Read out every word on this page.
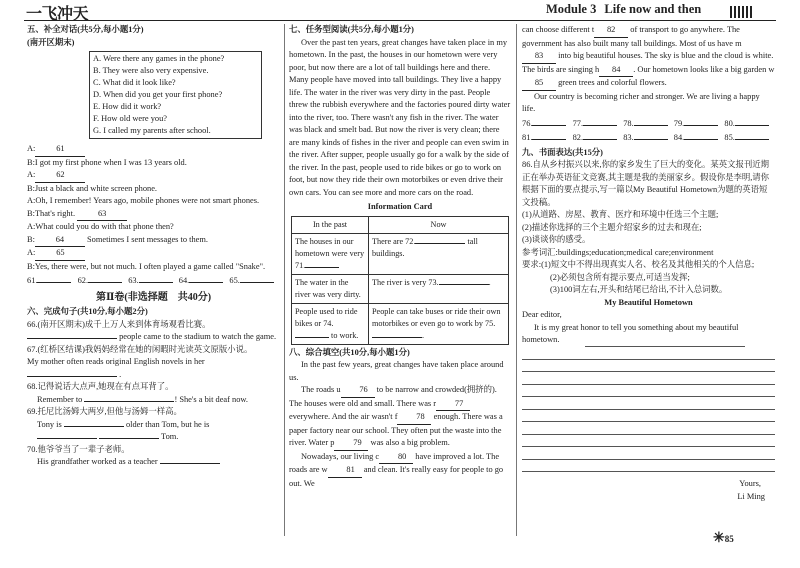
一飞冲天	Module 3 Life now and then
五、补全对话(共5分,每小题1分)
(南开区期末)
A. Were there any games in the phone?
B. They were also very expensive.
C. What did it look like?
D. When did you get your first phone?
E. How did it work?
F. How old were you?
G. I called my parents after school.
A: 61
B:I got my first phone when I was 13 years old.
A: 62
B:Just a black and white screen phone.
A:Oh, I remember! Years ago, mobile phones were not smart phones.
B:That's right.	63
A:What could you do with that phone then?
B: 64	Sometimes I sent messages to them.
A: 65
B:Yes, there were, but not much. I often played a game called "Snake".
61.	62.	63.	64.	65.
第Ⅱ卷(非选择题　共40分)
六、完成句子(共10分,每小题2分)
66.(南开区期末)成千上万人来到体育场观看比赛。
people came to the stadium to watch the game.
67.(红桥区结课)我妈妈经常在她的闲暇时光读英文原版小说。
My mother often reads original English novels in her
.
68.记得说话大点声,她现在有点耳背了。
Remember to	! She's a bit deaf now.
69.托尼比汤姆大两岁,但他与汤姆一样高。
Tony is	older than Tom, but he is
Tom.
70.他爷爷当了一辈子老师。
His grandfather worked as a teacher
七、任务型阅读(共5分,每小题1分)

Over the past ten years, great changes have taken place in my hometown. In the past, the houses in our hometown were very poor, but now there are a lot of tall buildings here and there. Many people have moved into tall buildings. They live a happy life. The water in the river was very dirty in the past. People threw the rubbish everywhere and the factories poured dirty water into the river, too. There wasn't any fish in the river. The water was black and smelt bad. But now the river is very clean; there are many kinds of fishes in the river and people can even swim in the river. After supper, people usually go for a walk by the side of the river. In the past, people used to ride bikes or go to work on foot, but now they ride their own motorbikes or even drive their own cars. You can see more and more cars on the road.

Information Card
In the past	Now
The houses in our hometown were very 71.	There are 72. tall buildings.
The water in the river was very dirty.	The river is very 73. .
People used to ride bikes or 74.  to work.	People can take buses or ride their own motorbikes or even go to work by 75. .
八、综合填空(共10分,每小题1分)

In the past few years, great changes have taken place around us.

The roads u 76 to be narrow and crowded(拥挤的). The houses were old and small. There was r 77 everywhere. And the air wasn't f 78 enough. There was a paper factory near our school. They often put the waste into the river. Water p 79 was also a big problem.

Nowadays, our living c 80 have improved a lot. The roads are w 81 and clean. It's really easy for people to go out. We

can choose different t 82 of transport to go anywhere. The government has also built many tall buildings. Most of us have m83 into big beautiful houses. The sky is blue and the cloud is white. The birds are singing h 84 . Our hometown looks like a big garden w85 green trees and colorful flowers.

Our country is becoming richer and stronger. We are living a happy life.

76.	77.	78.	79.	80.
81.	82.	83.	84.	85.
九、书面表达(共15分)

86.自从乡村振兴以来,你的家乡发生了巨大的变化。某英文报刊近期正在举办英语征文竞赛,其主题是我的美丽家乡。假设你是李明,请你根据下面的要点提示,写一篇以My Beautiful Hometown为题的英语短文投稿。

(1)从道路、房屋、教育、医疗和环境中任选三个主题;
(2)描述你选择的三个主题介绍家乡的过去和现在;
(3)谈谈你的感受。
参考词汇:buildings;education;medical care;environment
要求:(1)短文中不得出现真实人名、校名及其他相关的个人信息;
(2)必须包含所有提示要点,可适当发挥;
(3)100词左右,开头和结尾已给出,不计入总词数。
My Beautiful Hometown
Dear editor,

It is my great honor to tell you something about my beautiful hometown.

Yours,
Li Ming
✳85
